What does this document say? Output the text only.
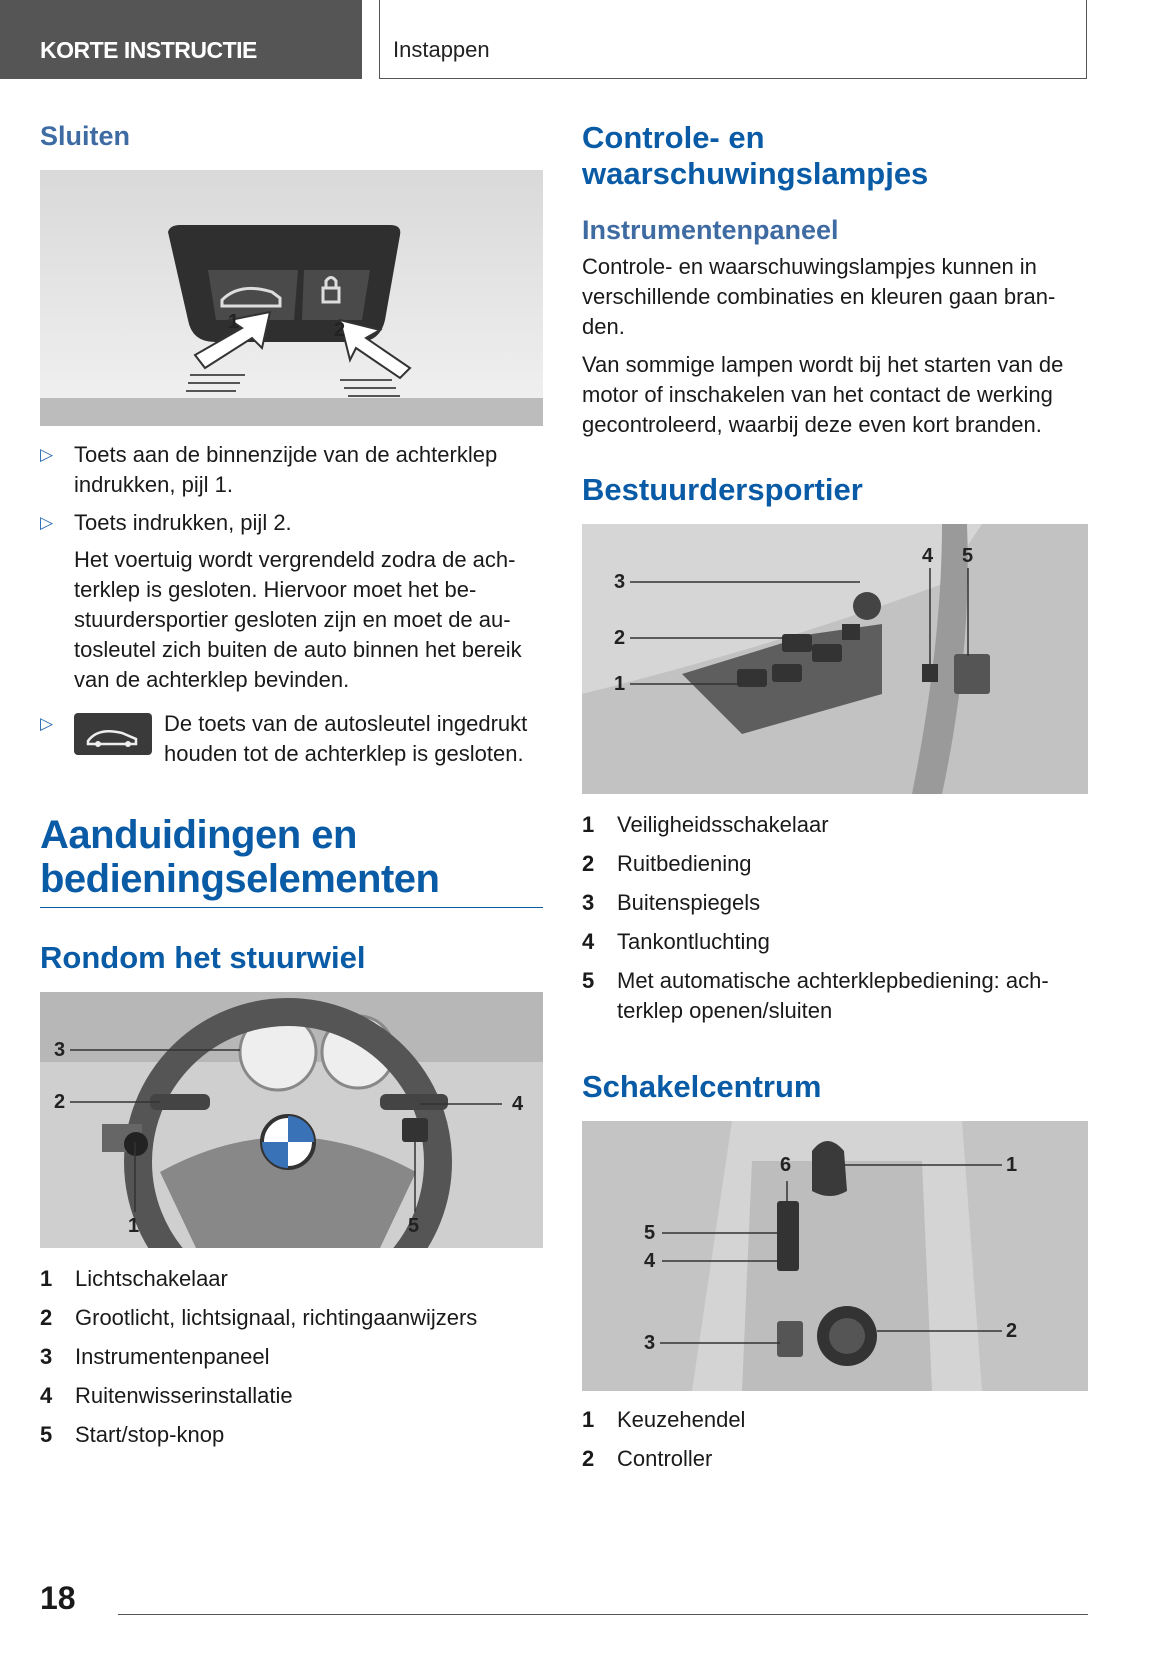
KORTE INSTRUCTIE	Instappen
Sluiten
1	2
▷ Toets aan de binnenzijde van de achterklep indrukken, pijl 1.
▷ Toets indrukken, pijl 2.

Het voertuig wordt vergrendeld zodra de achterklep is gesloten. Hiervoor moet het bestuurdersportier gesloten zijn en moet de autosleutel zich buiten de auto binnen het bereik van de achterklep bevinden.

▷	De toets van de autosleutel ingedrukt houden tot de achterklep is gesloten.
Aanduidingen en bedieningselementen
Rondom het stuurwiel
3
2
1
4
5
1 Lichtschakelaar
2 Grootlicht, lichtsignaal, richtingaanwijzers
3 Instrumentenpaneel
4 Ruitenwisserinstallatie
5 Start/stop-knop
Controle- en waarschuwingslampjes
Instrumentenpaneel

Controle- en waarschuwingslampjes kunnen in verschillende combinaties en kleuren gaan branden.

Van sommige lampen wordt bij het starten van de motor of inschakelen van het contact de werking gecontroleerd, waarbij deze even kort branden.

Bestuurdersportier
3
2
1
4 5
1 Veiligheidsschakelaar
2 Ruitbediening
3 Buitenspiegels
4 Tankontluchting
5 Met automatische achterklepbediening: achterklep openen/sluiten
Schakelcentrum
1
2
3
4
5
6
1 Keuzehendel
2 Controller
18
